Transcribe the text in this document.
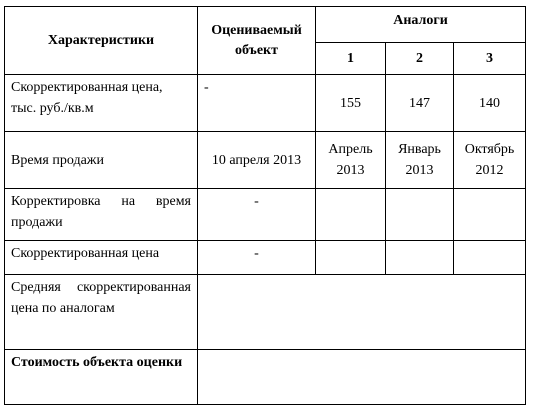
Характеристики	Оцениваемый объект	Аналоги		
		1	2	3
Скорректированная цена, тыс. руб./кв.м	-	155	147	140
Время продажи	10 апреля 2013	Апрель 2013	Январь 2013	Октябрь 2012
Корректировка на время продажи	-			
Скорректированная цена	-			
Средняя скорректированная цена по аналогам				
Стоимость объекта оценки				
